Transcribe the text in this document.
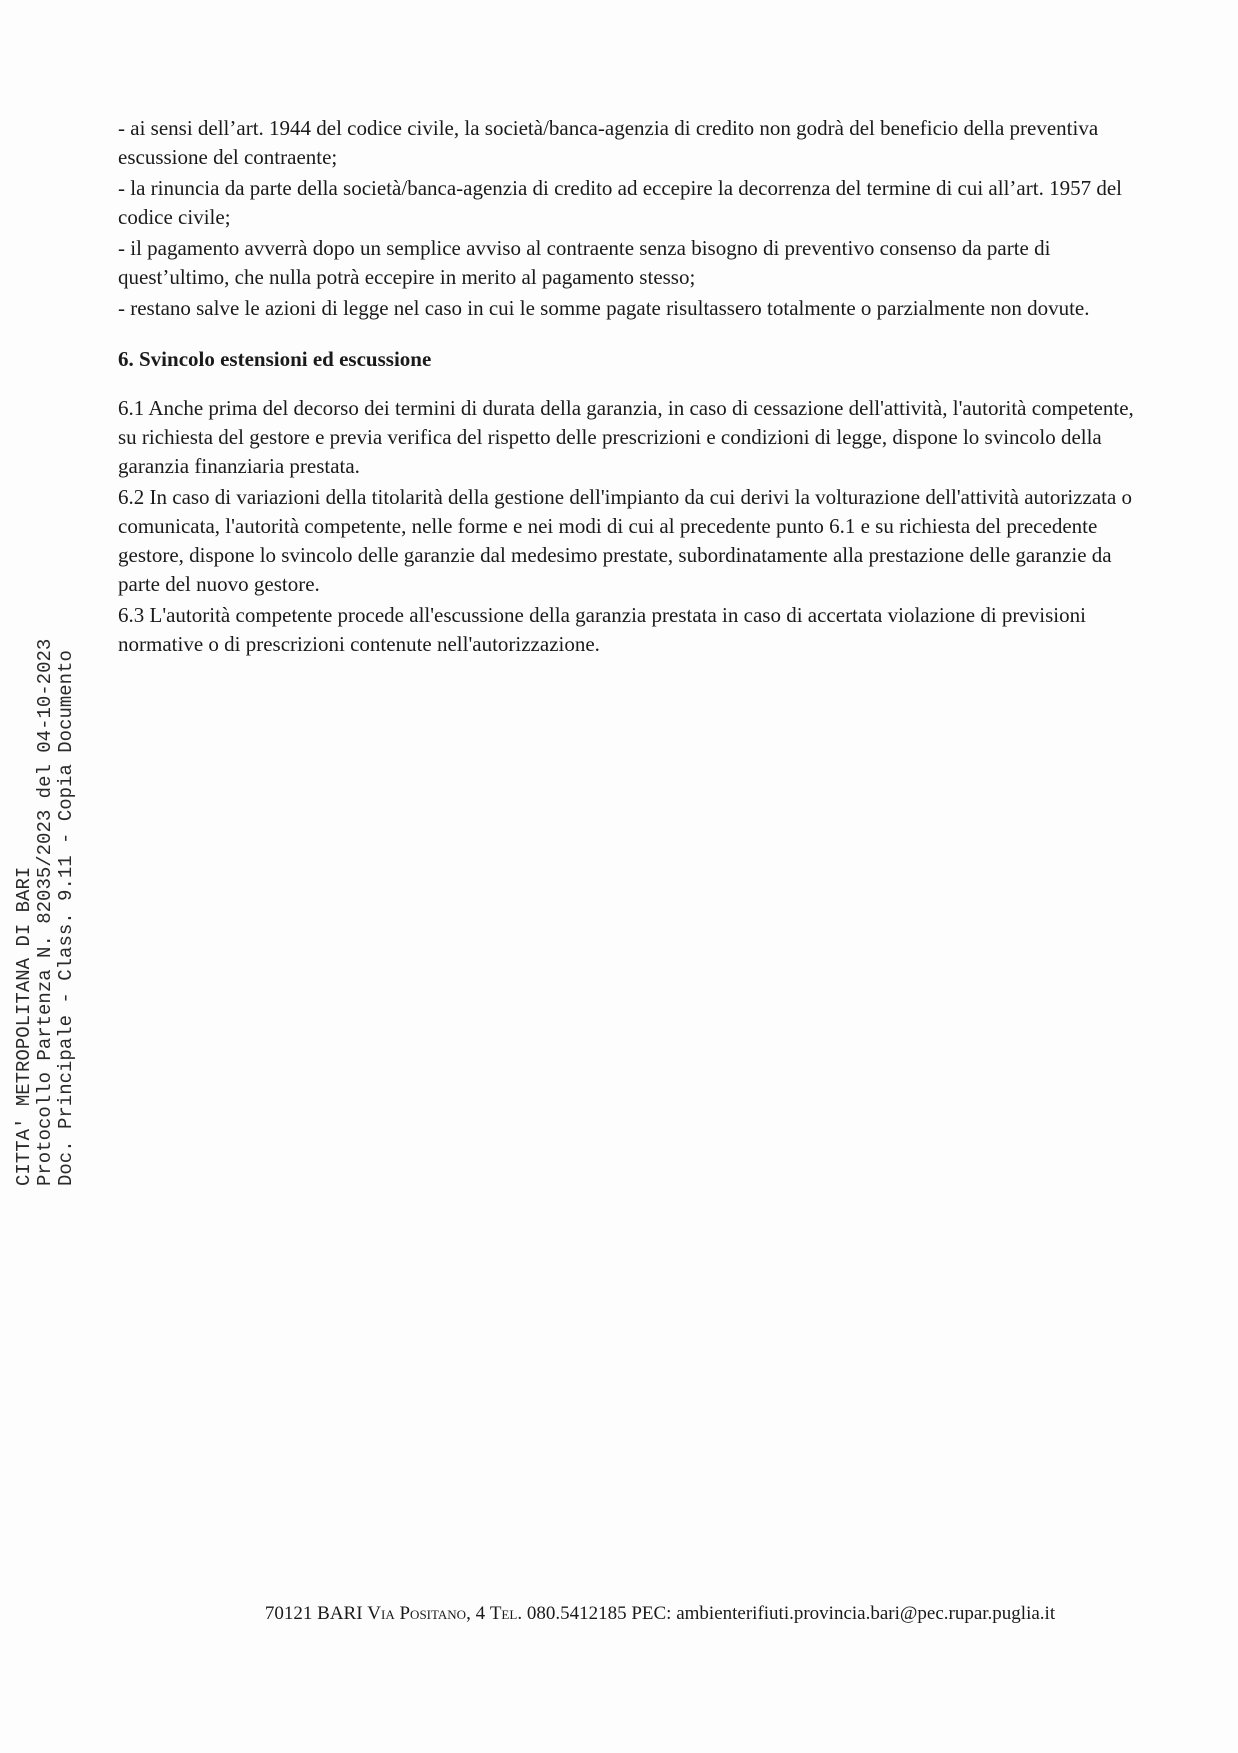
- ai sensi dell’art. 1944 del codice civile, la società/banca-agenzia di credito non godrà del beneficio della preventiva escussione del contraente;

- la rinuncia da parte della società/banca-agenzia di credito ad eccepire la decorrenza del termine di cui all’art. 1957 del codice civile;

- il pagamento avverrà dopo un semplice avviso al contraente senza bisogno di preventivo consenso da parte di quest’ultimo, che nulla potrà eccepire in merito al pagamento stesso;

- restano salve le azioni di legge nel caso in cui le somme pagate risultassero totalmente o parzialmente non dovute.

6. Svincolo estensioni ed escussione

6.1 Anche prima del decorso dei termini di durata della garanzia, in caso di cessazione dell'attività, l'autorità competente, su richiesta del gestore e previa verifica del rispetto delle prescrizioni e condizioni di legge, dispone lo svincolo della garanzia finanziaria prestata.

6.2 In caso di variazioni della titolarità della gestione dell'impianto da cui derivi la volturazione dell'attività autorizzata o comunicata, l'autorità competente, nelle forme e nei modi di cui al precedente punto 6.1 e su richiesta del precedente gestore, dispone lo svincolo delle garanzie dal medesimo prestate, subordinatamente alla prestazione delle garanzie da parte del nuovo gestore.

6.3 L'autorità competente procede all'escussione della garanzia prestata in caso di accertata violazione di previsioni normative o di prescrizioni contenute nell'autorizzazione.

CITTA' METROPOLITANA DI BARI Protocollo Partenza N. 82035/2023 del 04-10-2023 Doc. Principale - Class. 9.11 - Copia Documento
70121 BARI Via Positano, 4 Tel. 080.5412185 PEC: ambienterifiuti.provincia.bari@pec.rupar.puglia.it
